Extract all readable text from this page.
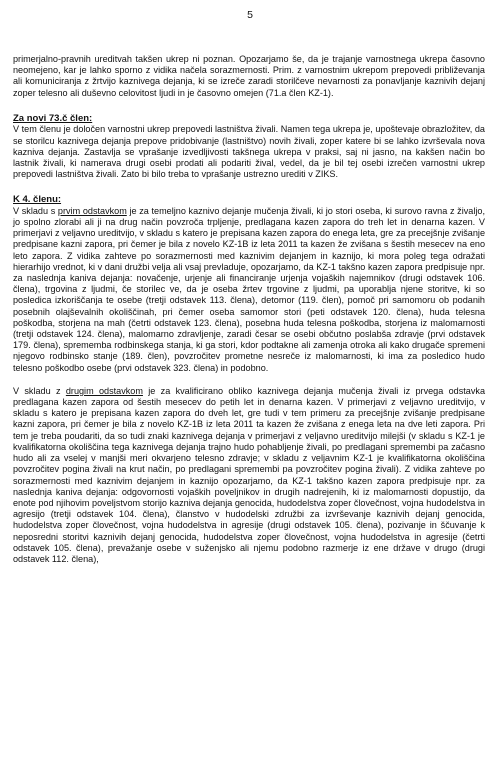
5

primerjalno-pravnih ureditvah takšen ukrep ni poznan. Opozarjamo še, da je trajanje varnostnega ukrepa časovno neomejeno, kar je lahko sporno z vidika načela sorazmernosti. Prim. z varnostnim ukrepom prepovedi približevanja ali komuniciranja z žrtvijo kaznivega dejanja, ki se izreče zaradi storilčeve nevarnosti za ponavljanje kaznivih dejanj zoper telesno ali duševno celovitost ljudi in je časovno omejen (71.a člen KZ-1).

Za novi 73.č člen:

V tem členu je določen varnostni ukrep prepovedi lastništva živali. Namen tega ukrepa je, upoštevaje obrazložitev, da se storilcu kaznivega dejanja prepove pridobivanje (lastništvo) novih živali, zoper katere bi se lahko izvrševala nova kazniva dejanja. Zastavlja se vprašanje izvedljivosti takšnega ukrepa v praksi, saj ni jasno, na kakšen način bo lastnik živali, ki namerava drugi osebi prodati ali podariti žival, vedel, da je bil tej osebi izrečen varnostni ukrep prepovedi lastništva živali. Zato bi bilo treba to vprašanje ustrezno urediti v ZIKS.

K 4. členu:

V skladu s prvim odstavkom je za temeljno kaznivo dejanje mučenja živali, ki jo stori oseba, ki surovo ravna z živaljo, jo spolno zlorabi ali ji na drug način povzroča trpljenje, predlagana kazen zapora do treh let in denarna kazen. V primerjavi z veljavno ureditvijo, v skladu s katero je prepisana kazen zapora do enega leta, gre za precejšnje zvišanje predpisane kazni zapora, pri čemer je bila z novelo KZ-1B iz leta 2011 ta kazen že zvišana s šestih mesecev na eno leto zapora. Z vidika zahteve po sorazmernosti med kaznivim dejanjem in kaznijo, ki mora poleg tega odražati hierarhijo vrednot, ki v dani družbi velja ali vsaj prevladuje, opozarjamo, da KZ-1 takšno kazen zapora predpisuje npr. za naslednja kaniva dejanja: novačenje, urjenje ali financiranje urjenja vojaških najemnikov (drugi odstavek 106. člena), trgovina z ljudmi, če storilec ve, da je oseba žrtev trgovine z ljudmi, pa uporablja njene storitve, ki so posledica izkoriščanja te osebe (tretji odstavek 113. člena), detomor (119. člen), pomoč pri samomoru ob podanih posebnih olajševalnih okoliščinah, pri čemer oseba samomor stori (peti odstavek 120. člena), huda telesna poškodba, storjena na mah (četrti odstavek 123. člena), posebna huda telesna poškodba, storjena iz malomarnosti (tretji odstavek 124. člena), malomarno zdravljenje, zaradi česar se osebi občutno poslabša zdravje (prvi odstavek 179. člena), sprememba rodbinskega stanja, ki ga stori, kdor podtakne ali zamenja otroka ali kako drugače spremeni njegovo rodbinsko stanje (189. člen), povzročitev prometne nesreče iz malomarnosti, ki ima za posledico hudo telesno poškodbo osebe (prvi odstavek 323. člena) in podobno.

V skladu z drugim odstavkom je za kvalificirano obliko kaznivega dejanja mučenja živali iz prvega odstavka predlagana kazen zapora od šestih mesecev do petih let in denarna kazen. V primerjavi z veljavno ureditvijo, v skladu s katero je prepisana kazen zapora do dveh let, gre tudi v tem primeru za precejšnje zvišanje predpisane kazni zapora, pri čemer je bila z novelo KZ-1B iz leta 2011 ta kazen že zvišana z enega leta na dve leti zapora. Pri tem je treba poudariti, da so tudi znaki kaznivega dejanja v primerjavi z veljavno ureditvijo milejši (v skladu s KZ-1 je kvalifikatorna okoliščina tega kaznivega dejanja trajno hudo pohabljenje živali, po predlagani spremembi pa začasno hudo ali za vselej v manjši meri okvarjeno telesno zdravje; v skladu z veljavnim KZ-1 je kvalifikatorna okoliščina povzročitev pogina živali na krut način, po predlagani spremembi pa povzročitev pogina živali). Z vidika zahteve po sorazmernosti med kaznivim dejanjem in kaznijo opozarjamo, da KZ-1 takšno kazen zapora predpisuje npr. za naslednja kaniva dejanja: odgovornosti vojaških poveljnikov in drugih nadrejenih, ki iz malomarnosti dopustijo, da enote pod njihovim poveljstvom storijo kazniva dejanja genocida, hudodelstva zoper človečnost, vojna hudodelstva in agresijo (tretji odstavek 104. člena), članstvo v hudodelski združbi za izvrševanje kaznivih dejanj genocida, hudodelstva zoper človečnost, vojna hudodelstva in agresije (drugi odstavek 105. člena), pozivanje in ščuvanje k neposredni storitvi kaznivih dejanj genocida, hudodelstva zoper človečnost, vojna hudodelstva in agresije (četrti odstavek 105. člena), prevažanje osebe v suženjsko ali njemu podobno razmerje iz ene države v drugo (drugi odstavek 112. člena),
